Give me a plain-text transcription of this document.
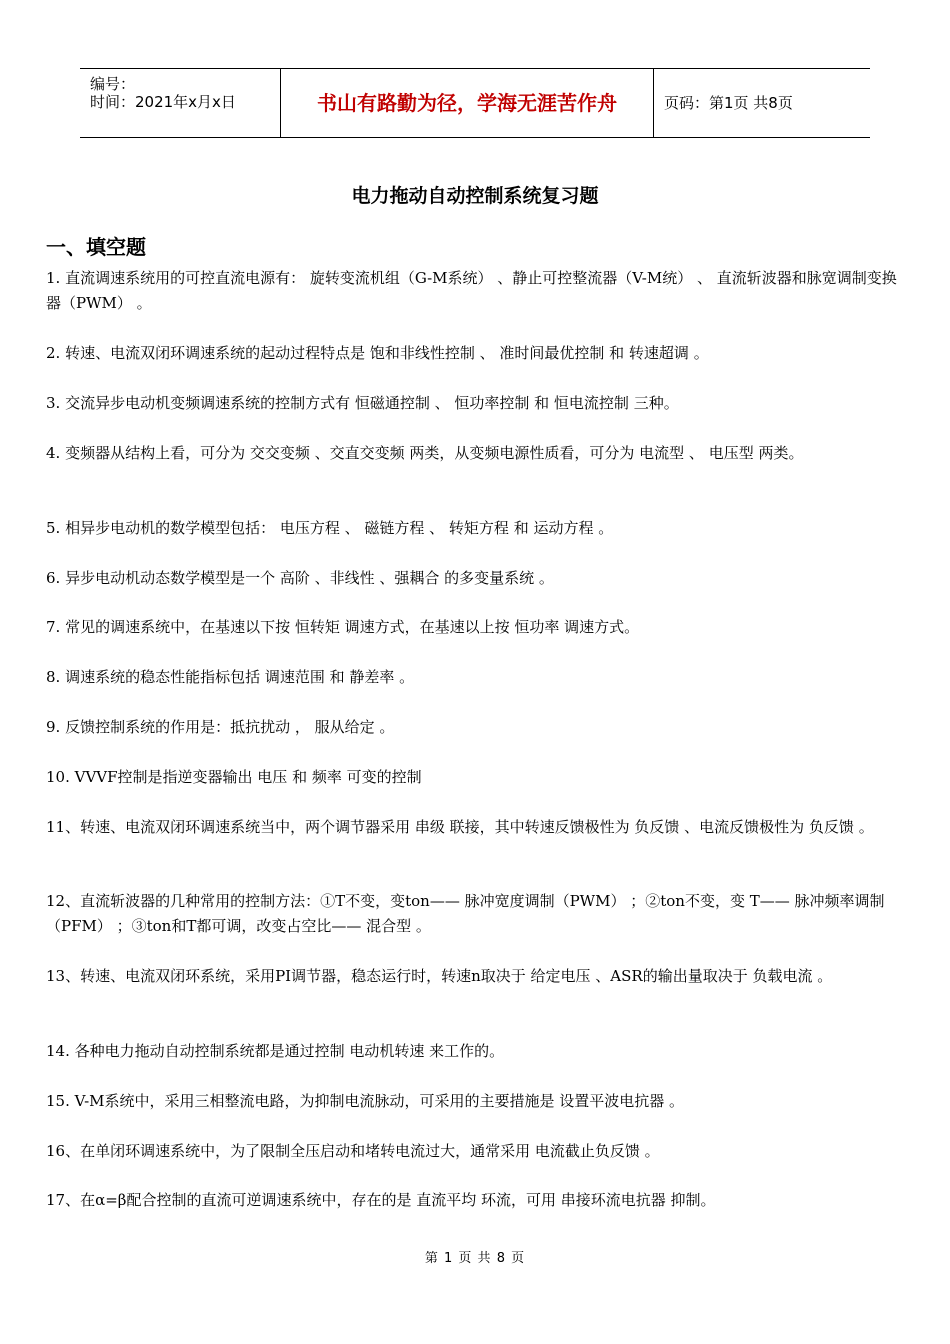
编号：
时间：2021年x月x日	书山有路勤为径，学海无涯苦作舟	页码：第1页 共8页
电力拖动自动控制系统复习题
一、填空题
1. 直流调速系统用的可控直流电源有： 旋转变流机组（G-M系统） 、静止可控整流器（V-M统） 、 直流斩波器和脉宽调制变换器（PWM） 。
2. 转速、电流双闭环调速系统的起动过程特点是 饱和非线性控制 、 准时间最优控制 和 转速超调 。
3. 交流异步电动机变频调速系统的控制方式有 恒磁通控制 、 恒功率控制 和 恒电流控制 三种。
4. 变频器从结构上看，可分为 交交变频 、交直交变频 两类，从变频电源性质看，可分为 电流型 、 电压型 两类。
5. 相异步电动机的数学模型包括： 电压方程 、 磁链方程 、 转矩方程 和 运动方程 。
6. 异步电动机动态数学模型是一个 高阶 、非线性 、强耦合 的多变量系统 。
7. 常见的调速系统中，在基速以下按 恒转矩 调速方式，在基速以上按 恒功率 调速方式。
8. 调速系统的稳态性能指标包括 调速范围 和 静差率 。
9. 反馈控制系统的作用是：抵抗扰动 ， 服从给定 。
10. VVVF控制是指逆变器输出 电压 和 频率 可变的控制
11、转速、电流双闭环调速系统当中，两个调节器采用 串级 联接，其中转速反馈极性为 负反馈 、电流反馈极性为 负反馈 。
12、直流斩波器的几种常用的控制方法：①T不变，变ton—— 脉冲宽度调制（PWM） ；②ton不变，变 T—— 脉冲频率调制（PFM） ；③ton和T都可调，改变占空比—— 混合型 。
13、转速、电流双闭环系统，采用PI调节器，稳态运行时，转速n取决于 给定电压 、ASR的输出量取决于 负载电流 。
14. 各种电力拖动自动控制系统都是通过控制 电动机转速 来工作的。
15. V-M系统中，采用三相整流电路，为抑制电流脉动，可采用的主要措施是 设置平波电抗器 。
16、在单闭环调速系统中，为了限制全压启动和堵转电流过大，通常采用 电流截止负反馈 。
17、在α=β配合控制的直流可逆调速系统中，存在的是 直流平均 环流，可用 串接环流电抗器 抑制。
第 1 页 共 8 页
